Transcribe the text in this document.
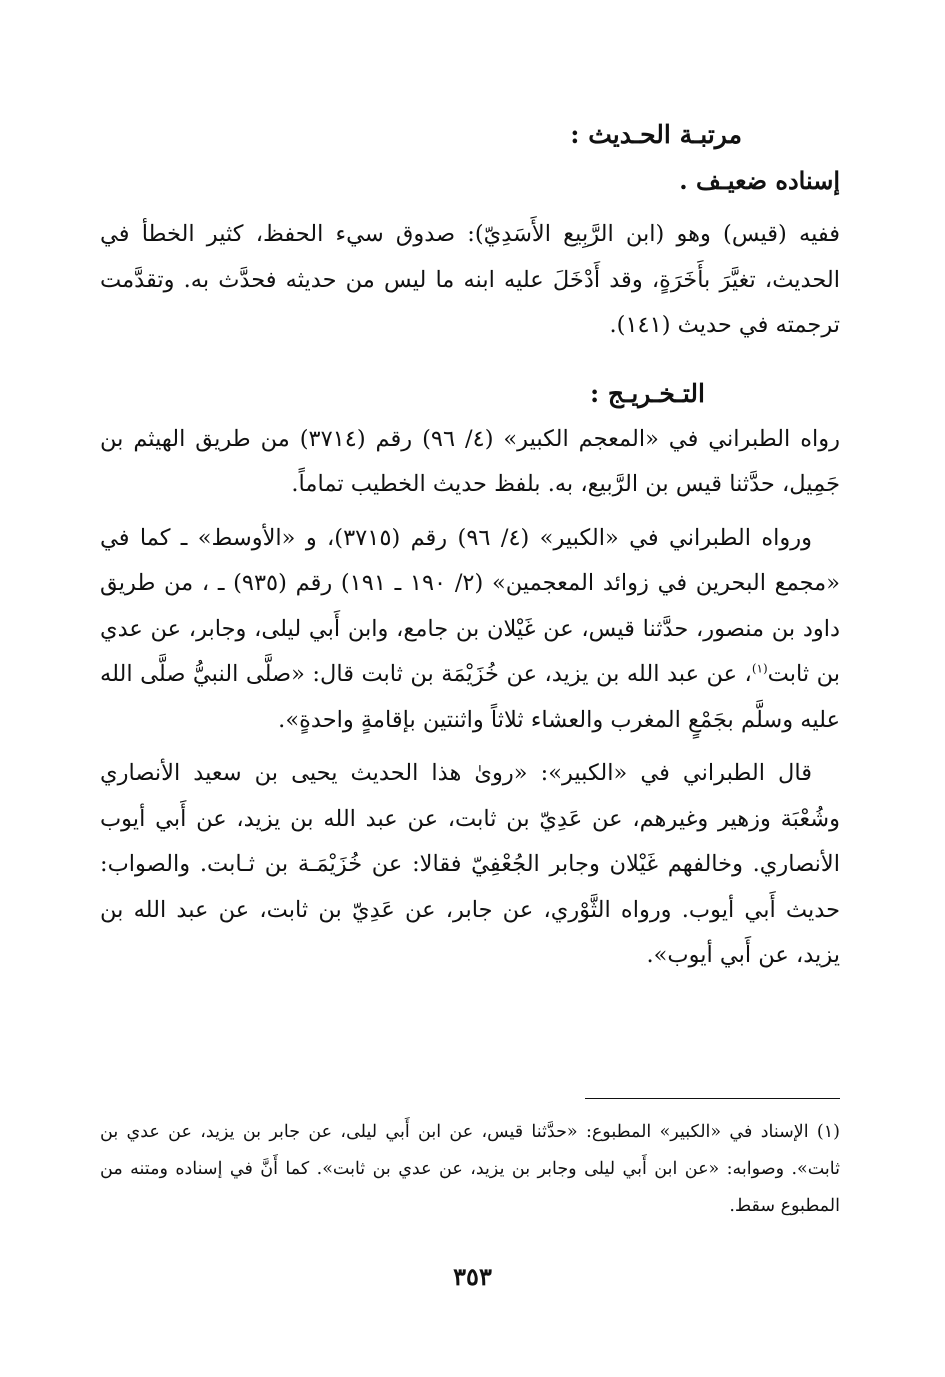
مرتبـة الحـديث :

إسناده ضعيـف .

ففيه (قيس) وهو (ابن الرَّبِيع الأَسَدِيّ): صدوق سيء الحفظ، كثير الخطأ في الحديث، تغيَّرَ بأَخَرَةٍ، وقد أَدْخَلَ عليه ابنه ما ليس من حديثه فحدَّث به. وتقدَّمت ترجمته في حديث (١٤١).

التـخـريـج :

رواه الطبراني في «المعجم الكبير» (٤/ ٩٦) رقم (٣٧١٤) من طريق الهيثم بن جَمِيل، حدَّثنا قيس بن الرَّبيع، به. بلفظ حديث الخطيب تماماً.

ورواه الطبراني في «الكبير» (٤/ ٩٦) رقم (٣٧١٥)، و «الأوسط» ـ كما في «مجمع البحرين في زوائد المعجمين» (٢/ ١٩٠ ـ ١٩١) رقم (٩٣٥) ـ ، من طريق داود بن منصور، حدَّثنا قيس، عن غَيْلان بن جامع، وابن أَبي ليلى، وجابر، عن عدي بن ثابت$^{(١)}$، عن عبد الله بن يزيد، عن خُزَيْمَة بن ثابت قال: «صلَّى النبيُّ صلَّى الله عليه وسلَّم بجَمْعٍ المغرب والعشاء ثلاثاً واثنتين بإقامةٍ واحدةٍ».

قال الطبراني في «الكبير»: «روىٰ هذا الحديث يحيى بن سعيد الأنصاري وشُعْبَة وزهير وغيرهم، عن عَدِيّ بن ثابت، عن عبد الله بن يزيد، عن أَبي أيوب الأنصاري. وخالفهم غَيْلان وجابر الجُعْفِيّ فقالا: عن خُزَيْمَـة بن ثـابت. والصواب: حديث أَبي أيوب. ورواه الثَّوْري، عن جابر، عن عَدِيّ بن ثابت، عن عبد الله بن يزيد، عن أَبي أيوب».

(١) الإسناد في «الكبير» المطبوع: «حدَّثنا قيس، عن ابن أَبي ليلى، عن جابر بن يزيد، عن عدي بن ثابت». وصوابه: «عن ابن أَبي ليلى وجابر بن يزيد، عن عدي بن ثابت». كما أَنَّ في إسناده ومتنه من المطبوع سقط.
٣٥٣
